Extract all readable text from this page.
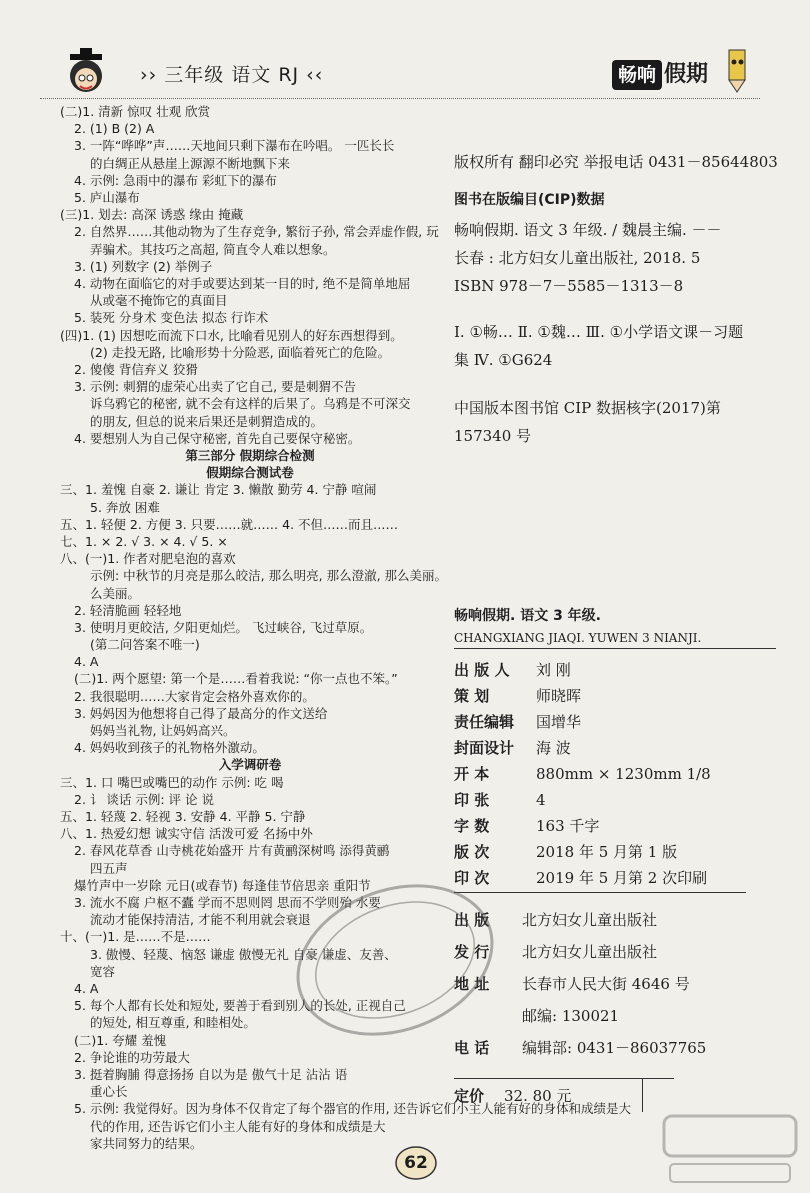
›› 三年级 语文 RJ ‹‹	畅响 假期
(二)1. 清新 惊叹 壮观 欣赏
2. (1) B (2) A
3. 一阵“哗哗”声……天地间只剩下瀑布在吟唱。 一匹长长
的白绸正从悬崖上源源不断地飘下来
4. 示例: 急雨中的瀑布 彩虹下的瀑布
5. 庐山瀑布
(三)1. 划去: 高深 诱惑 缘由 掩藏
2. 自然界……其他动物为了生存竞争, 繁衍子孙, 常会弄虚作假, 玩
弄骗术。其技巧之高超, 简直令人难以想象。
3. (1) 列数字 (2) 举例子
4. 动物在面临它的对手或要达到某一目的时, 绝不是简单地屈
从或毫不掩饰它的真面目
5. 装死 分身术 变色法 拟态 行诈术
(四)1. (1) 因想吃而流下口水, 比喻看见别人的好东西想得到。
(2) 走投无路, 比喻形势十分险恶, 面临着死亡的危险。
2. 傻傻 背信弃义 狡猾
3. 示例: 刺猬的虚荣心出卖了它自己, 要是刺猬不告
诉乌鸦它的秘密, 就不会有这样的后果了。乌鸦是不可深交
的朋友, 但总的说来后果还是刺猬造成的。
4. 要想别人为自己保守秘密, 首先自己要保守秘密。
第三部分 假期综合检测
假期综合测试卷
三、1. 羞愧 自豪 2. 谦让 肯定 3. 懒散 勤劳 4. 宁静 喧闹
5. 奔放 困难
五、1. 轻便 2. 方便 3. 只要……就…… 4. 不但……而且……
七、1. × 2. √ 3. × 4. √ 5. ×
八、(一)1. 作者对肥皂泡的喜欢
示例: 中秋节的月亮是那么皎洁, 那么明亮, 那么澄澈, 那么美丽。
么美丽。
2. 轻清脆画 轻轻地
3. 使明月更皎洁, 夕阳更灿烂。 飞过峡谷, 飞过草原。
(第二问答案不唯一)
4. A
(二)1. 两个愿望: 第一个是……看着我说: “你一点也不笨。”
2. 我很聪明……大家肯定会格外喜欢你的。
3. 妈妈因为他想将自己得了最高分的作文送给
妈妈当礼物, 让妈妈高兴。
4. 妈妈收到孩子的礼物格外激动。
入学调研卷
三、1. 口 嘴巴或嘴巴的动作 示例: 吃 喝
2. 讠 谈话 示例: 评 论 说
五、1. 轻蔑 2. 轻视 3. 安静 4. 平静 5. 宁静
八、1. 热爱幻想 诚实守信 活泼可爱 名扬中外
2. 春风花草香 山寺桃花始盛开 片有黄鹂深树鸣 添得黄鹂
四五声
爆竹声中一岁除 元日(或春节) 每逢佳节倍思亲 重阳节
3. 流水不腐 户枢不蠹 学而不思则罔 思而不学则殆 水要
流动才能保持清洁, 才能不利用就会衰退
十、(一)1. 是……不是……
3. 傲慢、轻蔑、恼怒 谦虚 傲慢无礼 自豪 谦虚、友善、
宽容
4. A
5. 每个人都有长处和短处, 要善于看到别人的长处, 正视自己
的短处, 相互尊重, 和睦相处。
(二)1. 夸耀 羞愧
2. 争论谁的功劳最大
3. 挺着胸脯 得意扬扬 自以为是 傲气十足 沾沾 语
重心长
5. 示例: 我觉得好。因为身体不仅肯定了每个器官的作用, 还告诉它们小主人能有好的身体和成绩是大
代的作用, 还告诉它们小主人能有好的身体和成绩是大
家共同努力的结果。
版权所有 翻印必究 举报电话 0431－85644803
图书在版编目(CIP)数据
畅响假期. 语文 3 年级. / 魏晨主编. －－
长春 : 北方妇女儿童出版社, 2018. 5
ISBN 978－7－5585－1313－8
Ⅰ. ①畅… Ⅱ. ①魏… Ⅲ. ①小学语文课－习题
集 Ⅳ. ①G624
中国版本图书馆 CIP 数据核字(2017)第
157340 号
畅响假期. 语文 3 年级.
CHANGXIANG JIAQI. YUWEN 3 NIANJI.
出 版 人 刘 刚
策 划	师晓晖
责任编辑 国增华
封面设计 海 波
开 本	880mm × 1230mm 1/8
印 张	4
字 数	163 千字
版 次	2018 年 5 月第 1 版
印 次	2019 年 5 月第 2 次印刷
出 版 北方妇女儿童出版社
发 行 北方妇女儿童出版社
地 址 长春市人民大街 4646 号
邮编: 130021
电 话 编辑部: 0431－86037765
定价 32. 80 元
62
